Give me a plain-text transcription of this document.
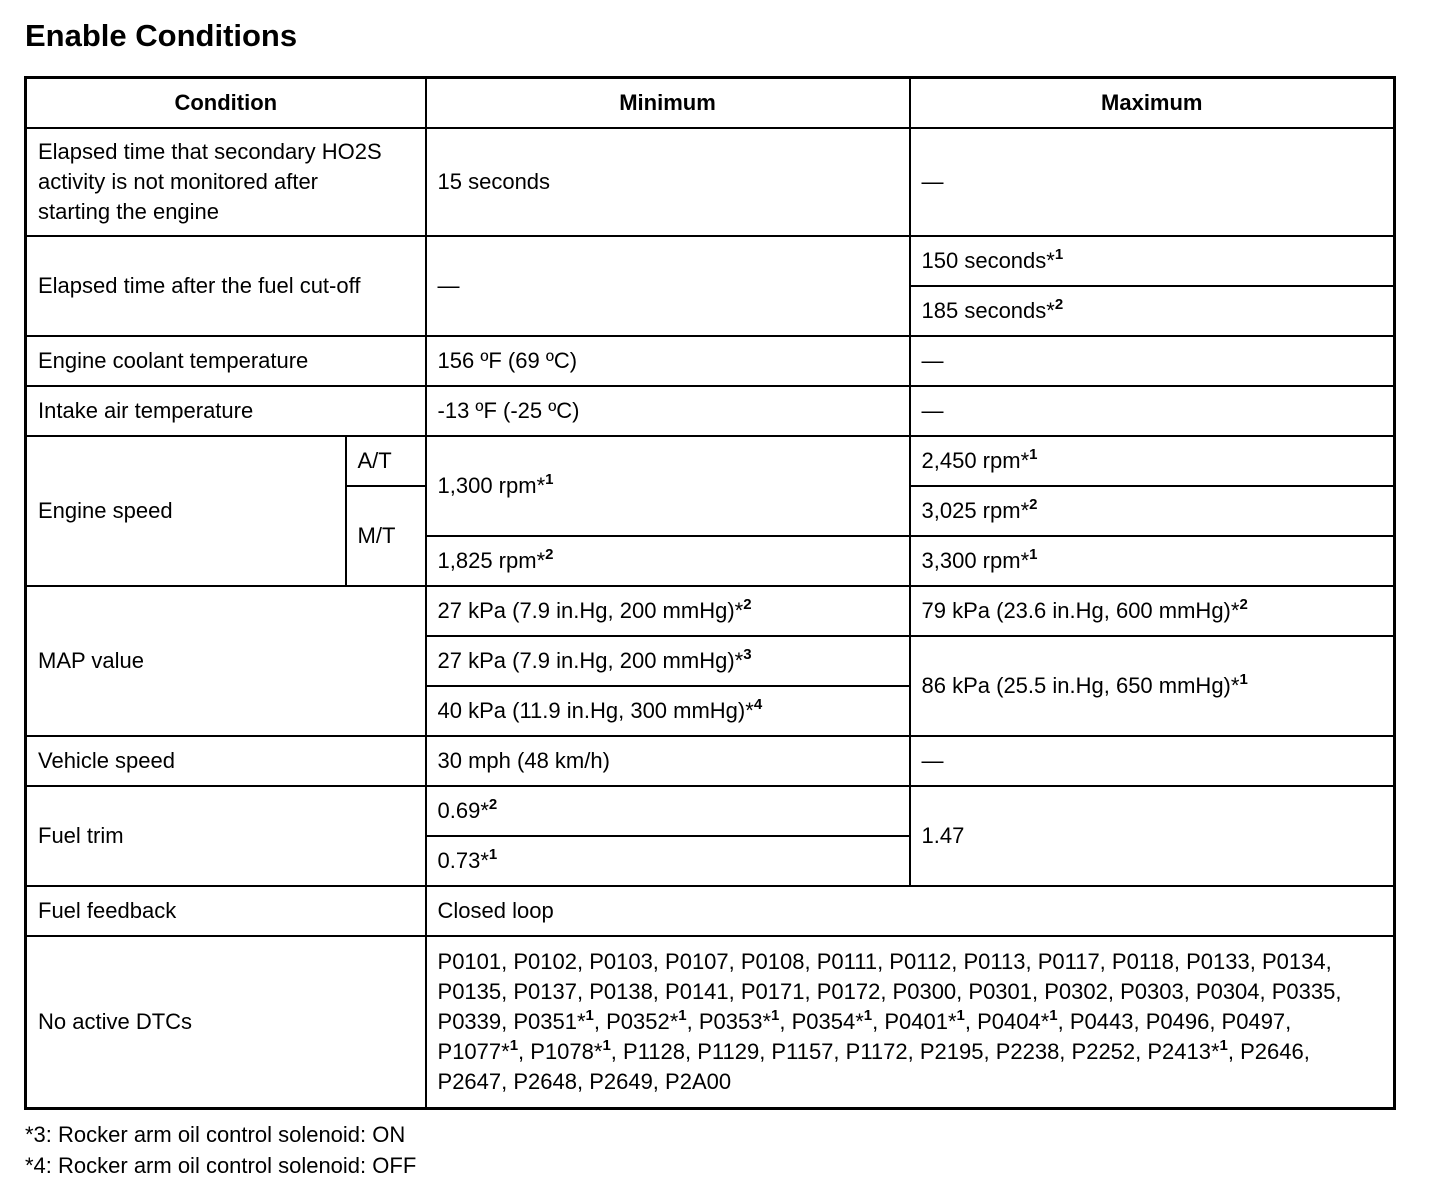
Enable Conditions
Condition		Minimum	Maximum
Elapsed time that secondary HO2S activity is not monitored after starting the engine		15 seconds	—
Elapsed time after the fuel cut-off		—	150 seconds*$^1$
			185 seconds*$^2$
Engine coolant temperature		156 ºF (69 ºC)	—
Intake air temperature		-13 ºF (-25 ºC)	—
Engine speed	A/T	1,300 rpm*$^1$	2,450 rpm*$^1$
	M/T		3,025 rpm*$^2$
		1,825 rpm*$^2$	3,300 rpm*$^1$
MAP value		27 kPa (7.9 in.Hg, 200 mmHg)*$^2$	79 kPa (23.6 in.Hg, 600 mmHg)*$^2$
		27 kPa (7.9 in.Hg, 200 mmHg)*$^3$	86 kPa (25.5 in.Hg, 650 mmHg)*$^1$
		40 kPa (11.9 in.Hg, 300 mmHg)*$^4$
Vehicle speed		30 mph (48 km/h)	—
Fuel trim		0.69*$^2$	1.47
		0.73*$^1$
Fuel feedback		Closed loop	
No active DTCs		P0101, P0102, P0103, P0107, P0108, P0111, P0112, P0113, P0117, P0118, P0133, P0134, P0135, P0137, P0138, P0141, P0171, P0172, P0300, P0301, P0302, P0303, P0304, P0335, P0339, P0351*$^1$, P0352*$^1$, P0353*$^1$, P0354*$^1$, P0401*$^1$, P0404*$^1$, P0443, P0496, P0497, P1077*$^1$, P1078*$^1$, P1128, P1129, P1157, P1172, P2195, P2238, P2252, P2413*$^1$, P2646, P2647, P2648, P2649, P2A00	

*3: Rocker arm oil control solenoid: ON

*4: Rocker arm oil control solenoid: OFF
